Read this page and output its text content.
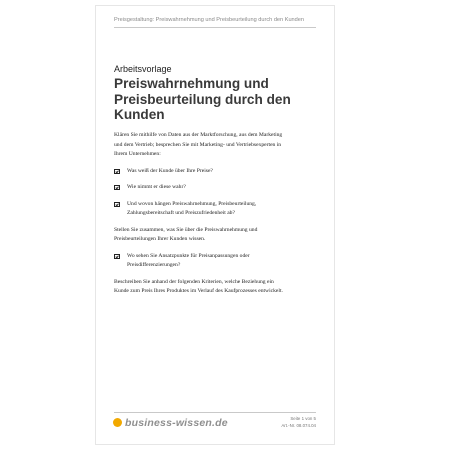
Preisgestaltung: Preiswahrnehmung und Preisbeurteilung durch den Kunden
Arbeitsvorlage
Preiswahrnehmung und
Preisbeurteilung durch den
Kunden

Klären Sie mithilfe von Daten aus der Marktforschung, aus dem Marketing
und dem Vertrieb; besprechen Sie mit Marketing- und Vertriebsexperten in
Ihrem Unternehmen:

Was weiß der Kunde über Ihre Preise?
Wie nimmt er diese wahr?
Und wovon hängen Preiswahrnehmung, Preisbeurteilung,
Zahlungsbereitschaft und Preiszufriedenheit ab?

Stellen Sie zusammen, was Sie über die Preiswahrnehmung und
Preisbeurteilungen Ihrer Kunden wissen.

Wo sehen Sie Ansatzpunkte für Preisanpassungen oder
Preisdifferenzierungen?

Beschreiben Sie anhand der folgenden Kriterien, welche Beziehung ein
Kunde zum Preis Ihres Produktes im Verlauf des Kaufprozesses entwickelt.

business-wissen.de	Seite 1 von 5
Art.-Nr. 08.074.04
